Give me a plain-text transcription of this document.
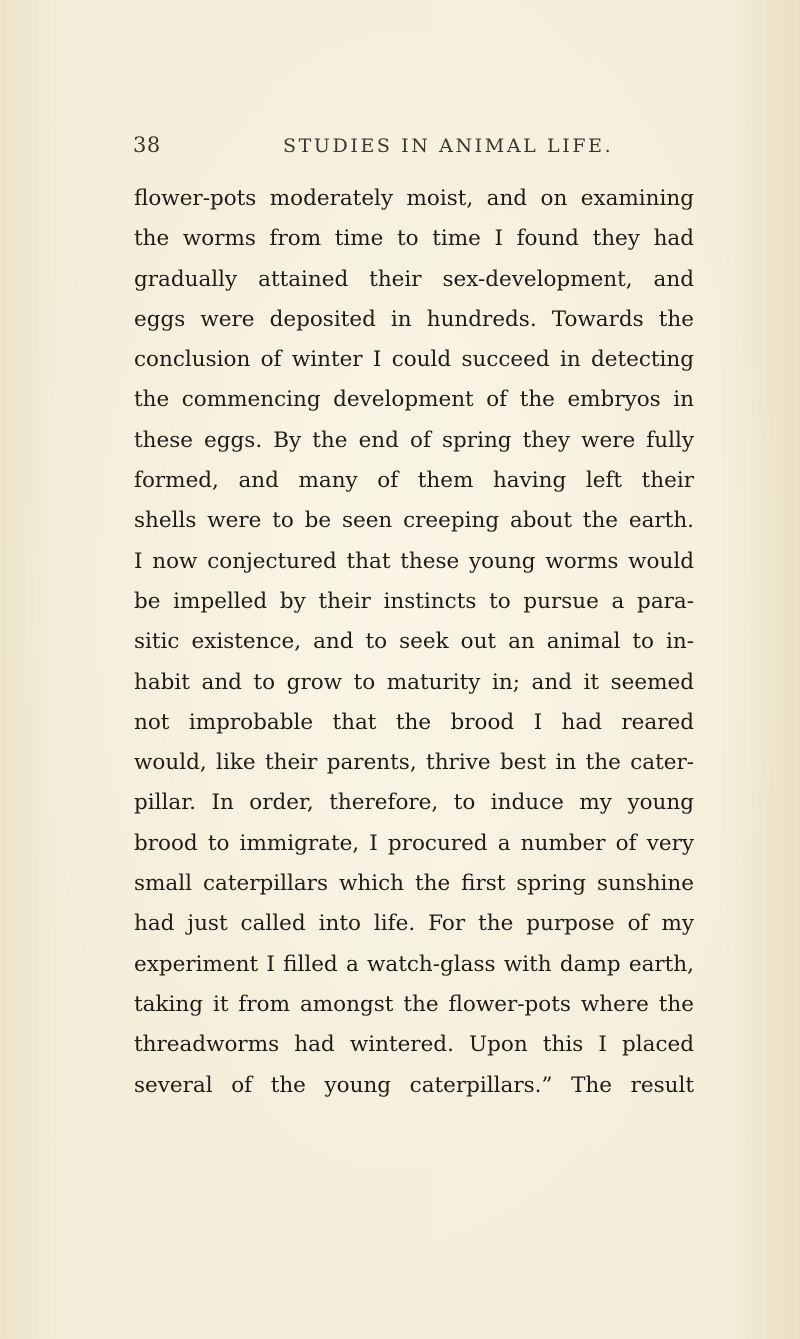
38	STUDIES IN ANIMAL LIFE.
flower-pots moderately moist, and on examining
the worms from time to time I found they had
gradually attained their sex-development, and
eggs were deposited in hundreds. Towards the
conclusion of winter I could succeed in detecting
the commencing development of the embryos in
these eggs. By the end of spring they were fully
formed, and many of them having left their
shells were to be seen creeping about the earth.
I now conjectured that these young worms would
be impelled by their instincts to pursue a para-
sitic existence, and to seek out an animal to in-
habit and to grow to maturity in; and it seemed
not improbable that the brood I had reared
would, like their parents, thrive best in the cater-
pillar. In order, therefore, to induce my young
brood to immigrate, I procured a number of very
small caterpillars which the first spring sunshine
had just called into life. For the purpose of my
experiment I filled a watch-glass with damp earth,
taking it from amongst the flower-pots where the
threadworms had wintered. Upon this I placed
several of the young caterpillars.” The result
